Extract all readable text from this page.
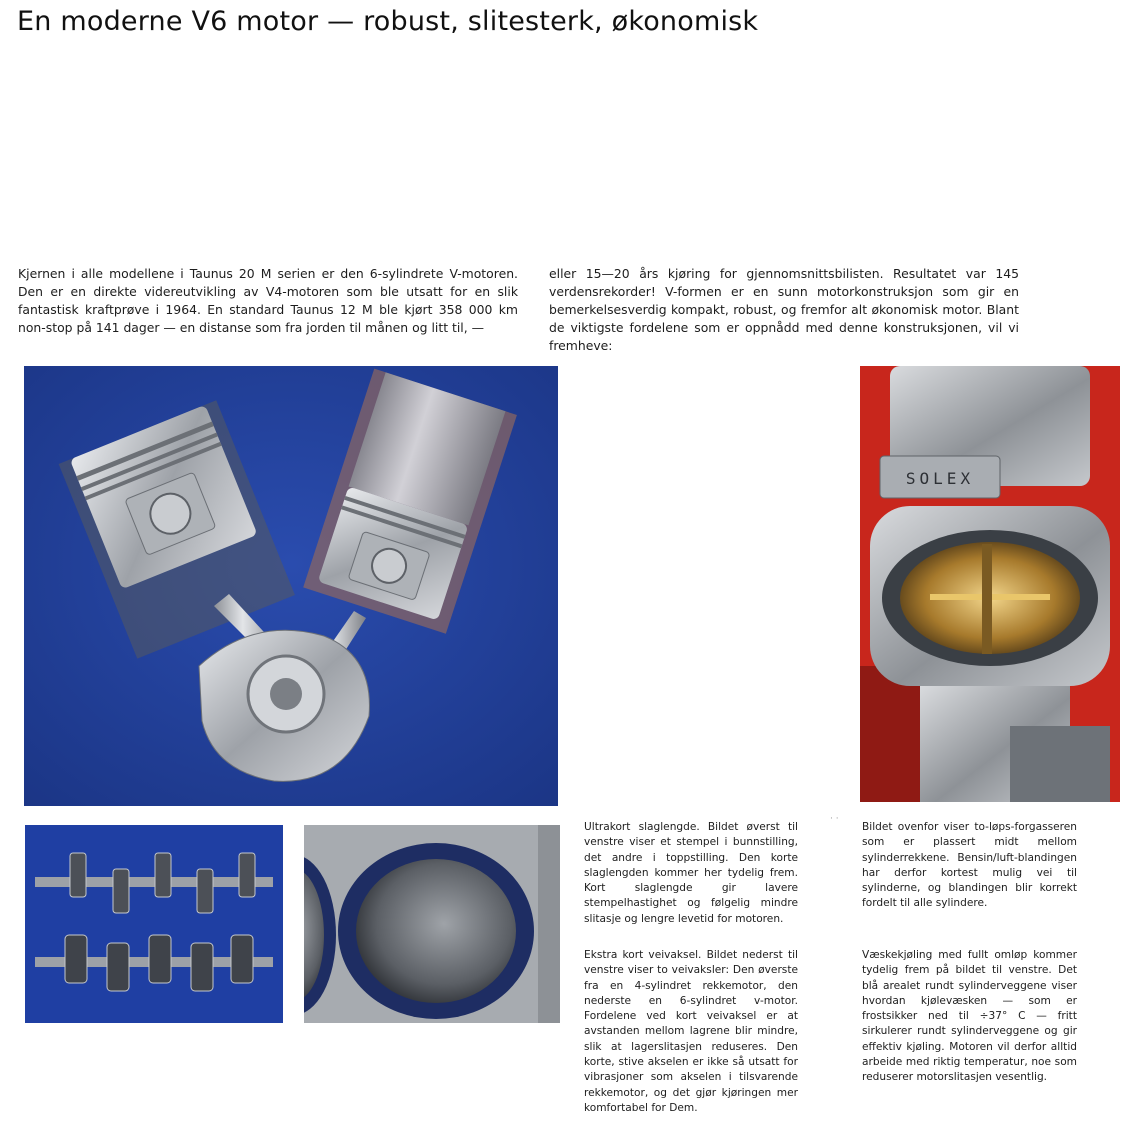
En moderne V6 motor — robust, slitesterk, økonomisk
Kjernen i alle modellene i Taunus 20 M serien er den 6-sylindrete V-motoren. Den er en direkte videreutvikling av V4-motoren som ble utsatt for en slik fantastisk kraftprøve i 1964. En standard Taunus 12 M ble kjørt 358 000 km non-stop på 141 dager — en distanse som fra jorden til månen og litt til, —
eller 15—20 års kjøring for gjennomsnittsbilisten. Resultatet var 145 verdensrekorder! V-formen er en sunn motorkonstruksjon som gir en bemerkelsesverdig kompakt, robust, og fremfor alt økonomisk motor. Blant de viktigste fordelene som er oppnådd med denne konstruksjonen, vil vi fremheve:
SOLEX
· ·
Ultrakort slaglengde. Bildet øverst til venstre viser et stempel i bunnstilling, det andre i toppstilling. Den korte slaglengden kommer her tydelig frem. Kort slaglengde gir lavere stempelhastighet og følgelig mindre slitasje og lengre levetid for motoren.
Bildet ovenfor viser to-løps-forgasseren som er plassert midt mellom sylinderrekkene. Bensin/luft-blandingen har derfor kortest mulig vei til sylinderne, og blandingen blir korrekt fordelt til alle sylindere.
Ekstra kort veivaksel. Bildet nederst til venstre viser to veivaksler: Den øverste fra en 4-sylindret rekkemotor, den nederste en 6-sylindret v-motor. Fordelene ved kort veivaksel er at avstanden mellom lagrene blir mindre, slik at lagerslitasjen reduseres. Den korte, stive akselen er ikke så utsatt for vibrasjoner som akselen i tilsvarende rekkemotor, og det gjør kjøringen mer komfortabel for Dem.
Væskekjøling med fullt omløp kommer tydelig frem på bildet til venstre. Det blå arealet rundt sylinderveggene viser hvordan kjølevæsken — som er frostsikker ned til ÷37° C — fritt sirkulerer rundt sylinderveggene og gir effektiv kjøling. Motoren vil derfor alltid arbeide med riktig temperatur, noe som reduserer motorslitasjen vesentlig.
